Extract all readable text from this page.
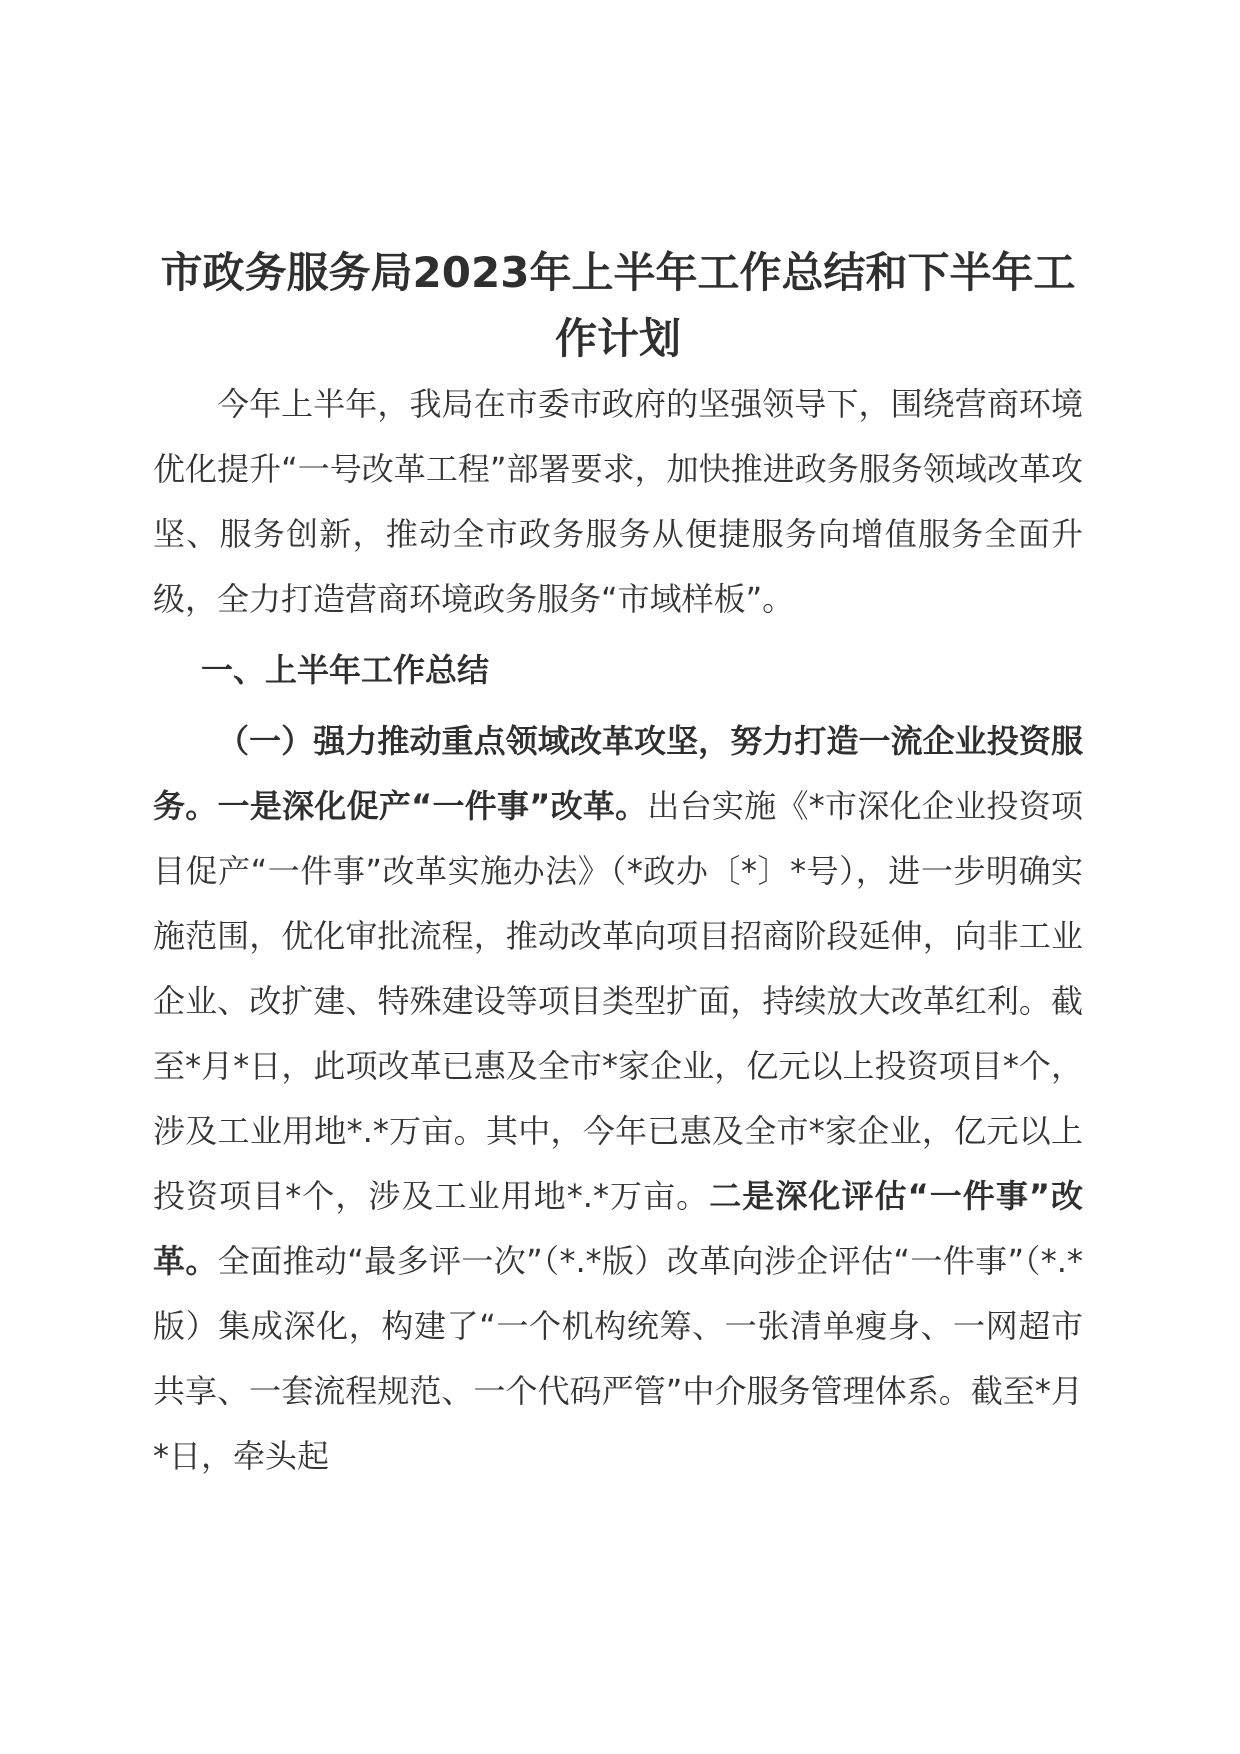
市政务服务局2023年上半年工作总结和下半年工作计划

今年上半年，我局在市委市政府的坚强领导下，围绕营商环境优化提升“一号改革工程”部署要求，加快推进政务服务领域改革攻坚、服务创新，推动全市政务服务从便捷服务向增值服务全面升级，全力打造营商环境政务服务“市域样板”。

一、上半年工作总结

（一）强力推动重点领域改革攻坚，努力打造一流企业投资服务。一是深化促产“一件事”改革。出台实施《*市深化企业投资项目促产“一件事”改革实施办法》（*政办〔*〕*号），进一步明确实施范围，优化审批流程，推动改革向项目招商阶段延伸，向非工业企业、改扩建、特殊建设等项目类型扩面，持续放大改革红利。截至*月*日，此项改革已惠及全市*家企业，亿元以上投资项目*个，涉及工业用地*.*万亩。其中，今年已惠及全市*家企业，亿元以上投资项目*个，涉及工业用地*.*万亩。二是深化评估“一件事”改革。全面推动“最多评一次”（*.*版）改革向涉企评估“一件事”（*.*版）集成深化，构建了“一个机构统筹、一张清单瘦身、一网超市共享、一套流程规范、一个代码严管”中介服务管理体系。截至*月*日，牵头起
